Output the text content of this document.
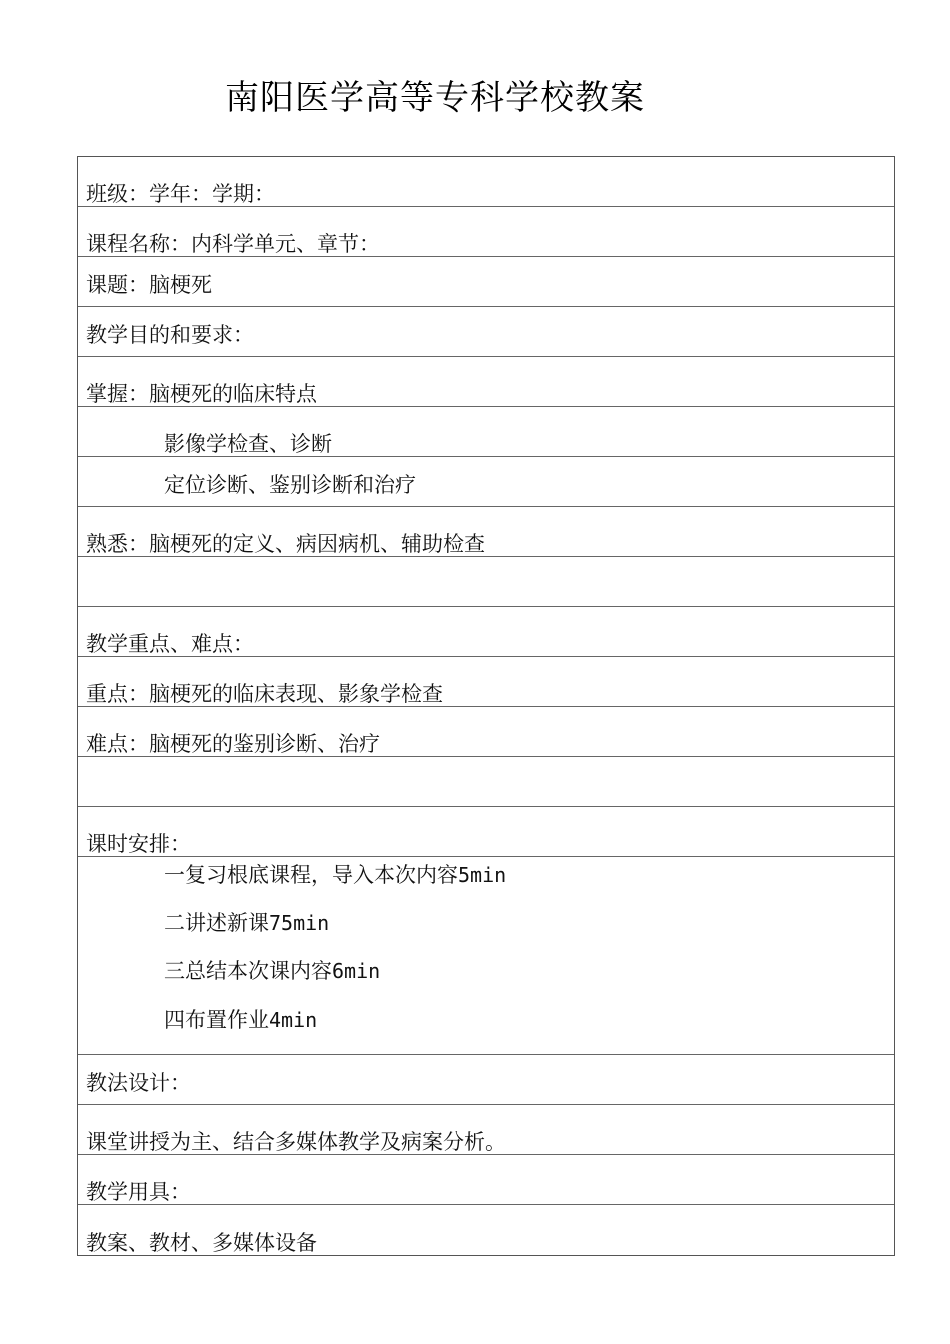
南阳医学高等专科学校教案
班级：学年：学期：
课程名称：内科学单元、章节：
课题：脑梗死
教学目的和要求：
掌握：脑梗死的临床特点
影像学检查、诊断
定位诊断、鉴别诊断和治疗
熟悉：脑梗死的定义、病因病机、辅助检查
教学重点、难点：
重点：脑梗死的临床表现、影象学检查
难点：脑梗死的鉴别诊断、治疗
课时安排：
一复习根底课程，导入本次内容5min
二讲述新课75min
三总结本次课内容6min
四布置作业4min
教法设计：
课堂讲授为主、结合多媒体教学及病案分析。
教学用具：
教案、教材、多媒体设备
